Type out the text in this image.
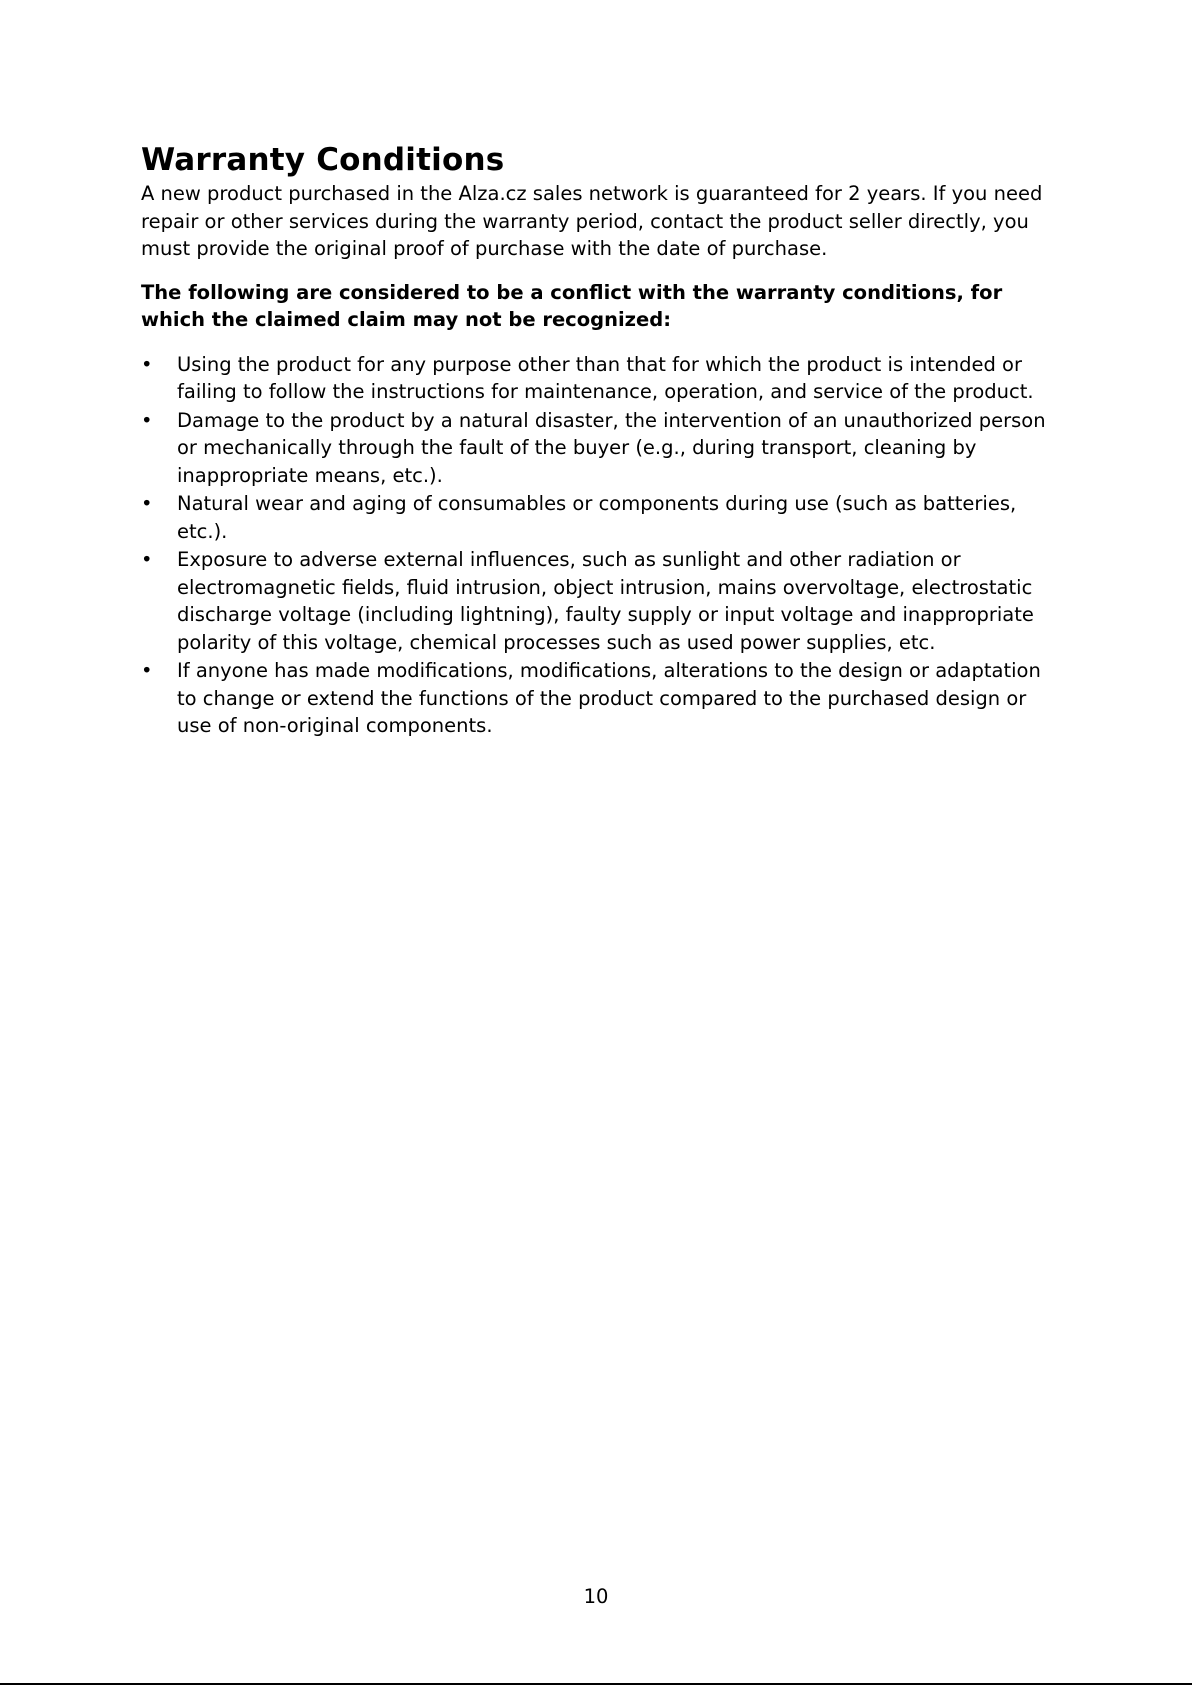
Warranty Conditions

A new product purchased in the Alza.cz sales network is guaranteed for 2 years. If you need repair or other services during the warranty period, contact the product seller directly, you must provide the original proof of purchase with the date of purchase.

The following are considered to be a conflict with the warranty conditions, for which the claimed claim may not be recognized:

•	Using the product for any purpose other than that for which the product is intended or failing to follow the instructions for maintenance, operation, and service of the product.
•	Damage to the product by a natural disaster, the intervention of an unauthorized person or mechanically through the fault of the buyer (e.g., during transport, cleaning by inappropriate means, etc.).
•	Natural wear and aging of consumables or components during use (such as batteries, etc.).
•	Exposure to adverse external influences, such as sunlight and other radiation or electromagnetic fields, fluid intrusion, object intrusion, mains overvoltage, electrostatic discharge voltage (including lightning), faulty supply or input voltage and inappropriate polarity of this voltage, chemical processes such as used power supplies, etc.
•	If anyone has made modifications, modifications, alterations to the design or adaptation to change or extend the functions of the product compared to the purchased design or use of non-original components.
10
